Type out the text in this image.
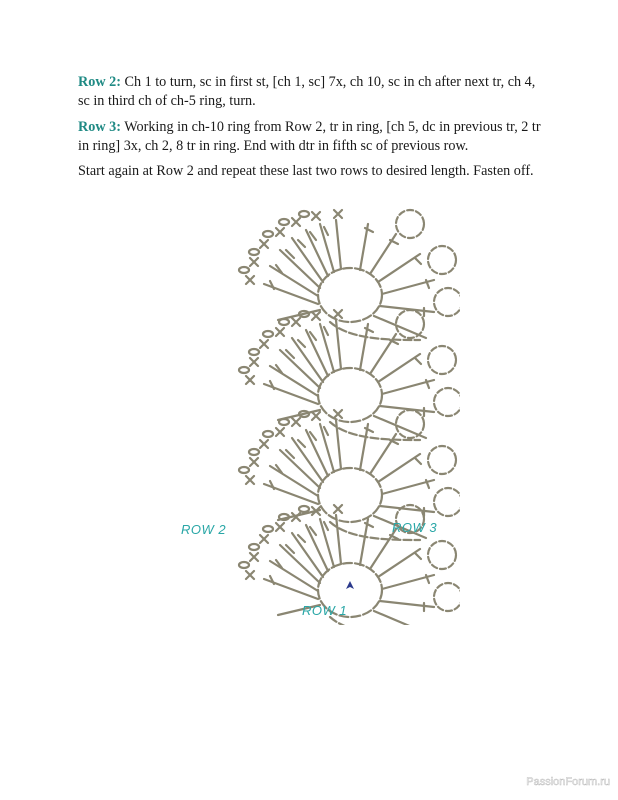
Row 2: Ch 1 to turn, sc in first st, [ch 1, sc] 7x, ch 10, sc in ch after next tr, ch 4, sc in third ch of ch-5 ring, turn.

Row 3: Working in ch-10 ring from Row 2, tr in ring, [ch 5, dc in previous tr, 2 tr in ring] 3x, ch 2, 8 tr in ring. End with dtr in fifth sc of previous row.

Start again at Row 2 and repeat these last two rows to desired length. Fasten off.

ROW 2	ROW 3
ROW 1
PassionForum.ru
